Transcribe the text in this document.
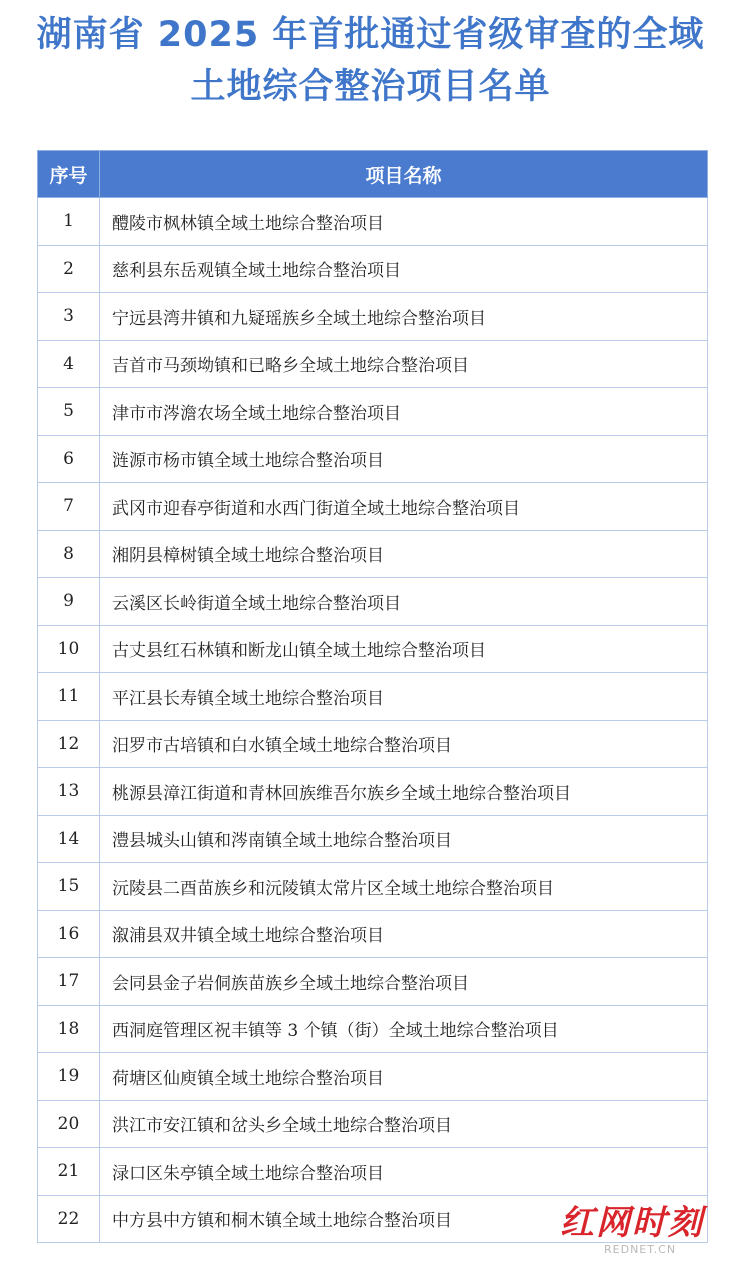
湖南省 2025 年首批通过省级审查的全域
土地综合整治项目名单
序号	项目名称
1	醴陵市枫林镇全域土地综合整治项目
2	慈利县东岳观镇全域土地综合整治项目
3	宁远县湾井镇和九疑瑶族乡全域土地综合整治项目
4	吉首市马颈坳镇和已略乡全域土地综合整治项目
5	津市市涔澹农场全域土地综合整治项目
6	涟源市杨市镇全域土地综合整治项目
7	武冈市迎春亭街道和水西门街道全域土地综合整治项目
8	湘阴县樟树镇全域土地综合整治项目
9	云溪区长岭街道全域土地综合整治项目
10	古丈县红石林镇和断龙山镇全域土地综合整治项目
11	平江县长寿镇全域土地综合整治项目
12	汨罗市古培镇和白水镇全域土地综合整治项目
13	桃源县漳江街道和青林回族维吾尔族乡全域土地综合整治项目
14	澧县城头山镇和涔南镇全域土地综合整治项目
15	沅陵县二酉苗族乡和沅陵镇太常片区全域土地综合整治项目
16	溆浦县双井镇全域土地综合整治项目
17	会同县金子岩侗族苗族乡全域土地综合整治项目
18	西洞庭管理区祝丰镇等 3 个镇（街）全域土地综合整治项目
19	荷塘区仙庾镇全域土地综合整治项目
20	洪江市安江镇和岔头乡全域土地综合整治项目
21	渌口区朱亭镇全域土地综合整治项目
22	中方县中方镇和桐木镇全域土地综合整治项目	红网时刻
REDNET.CN
